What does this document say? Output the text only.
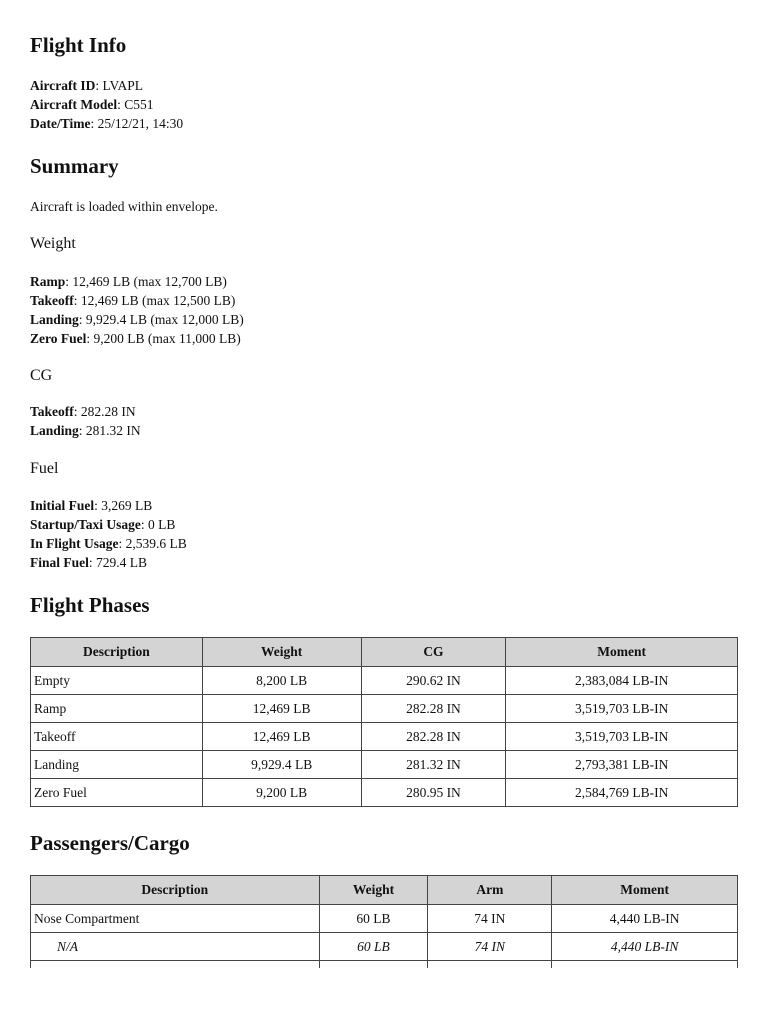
Flight Info

Aircraft ID: LVAPL

Aircraft Model: C551

Date/Time: 25/12/21, 14:30

Summary

Aircraft is loaded within envelope.

Weight

Ramp: 12,469 LB (max 12,700 LB)

Takeoff: 12,469 LB (max 12,500 LB)

Landing: 9,929.4 LB (max 12,000 LB)

Zero Fuel: 9,200 LB (max 11,000 LB)

CG

Takeoff: 282.28 IN

Landing: 281.32 IN

Fuel

Initial Fuel: 3,269 LB

Startup/Taxi Usage: 0 LB

In Flight Usage: 2,539.6 LB

Final Fuel: 729.4 LB

Flight Phases
Description	Weight	CG	Moment
Empty	8,200 LB	290.62 IN	2,383,084 LB-IN
Ramp	12,469 LB	282.28 IN	3,519,703 LB-IN
Takeoff	12,469 LB	282.28 IN	3,519,703 LB-IN
Landing	9,929.4 LB	281.32 IN	2,793,381 LB-IN
Zero Fuel	9,200 LB	280.95 IN	2,584,769 LB-IN
Passengers/Cargo
Description	Weight	Arm	Moment
Nose Compartment	60 LB	74 IN	4,440 LB-IN
N/A	60 LB	74 IN	4,440 LB-IN
